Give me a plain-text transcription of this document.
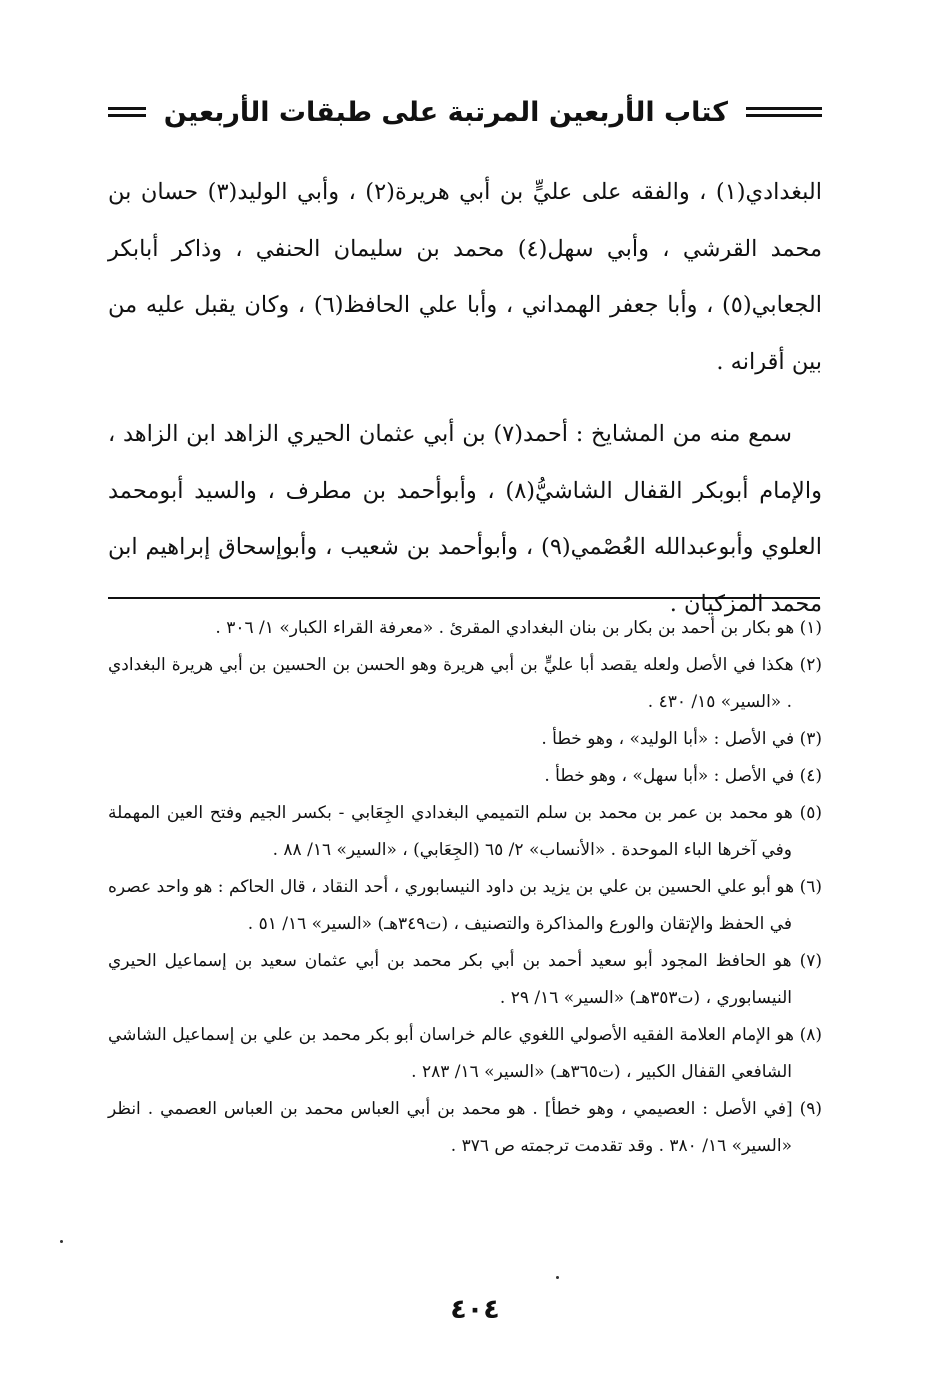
كتاب الأربعين المرتبة على طبقات الأربعين

البغدادي(١) ، والفقه على عليٍّ بن أبي هريرة(٢) ، وأبي الوليد(٣) حسان بن محمد القرشي ، وأبي سهل(٤) محمد بن سليمان الحنفي ، وذاكر أبابكر الجعابي(٥) ، وأبا جعفر الهمداني ، وأبا علي الحافظ(٦) ، وكان يقبل عليه من بين أقرانه .

سمع منه من المشايخ : أحمد(٧) بن أبي عثمان الحيري الزاهد ابن الزاهد ، والإمام أبوبكر القفال الشاشيُّ(٨) ، وأبوأحمد بن مطرف ، والسيد أبومحمد العلوي وأبوعبدالله العُصْمي(٩) ، وأبوأحمد بن شعيب ، وأبوإسحاق إبراهيم ابن محمد المزكيان .

(١) هو بكار بن أحمد بن بكار بن بنان البغدادي المقرئ . «معرفة القراء الكبار» ١/ ٣٠٦ .

(٢) هكذا في الأصل ولعله يقصد أبا عليٍّ بن أبي هريرة وهو الحسن بن الحسين بن أبي هريرة البغدادي . «السير» ١٥/ ٤٣٠ .

(٣) في الأصل : «أبا الوليد» ، وهو خطأ .

(٤) في الأصل : «أبا سهل» ، وهو خطأ .

(٥) هو محمد بن عمر بن محمد بن سلم التميمي البغدادي الجِعَابي - بكسر الجيم وفتح العين المهملة وفي آخرها الباء الموحدة . «الأنساب» ٢/ ٦٥ (الجِعَابي) ، «السير» ١٦/ ٨٨ .

(٦) هو أبو علي الحسين بن علي بن يزيد بن داود النيسابوري ، أحد النقاد ، قال الحاكم : هو واحد عصره في الحفظ والإتقان والورع والمذاكرة والتصنيف ، (ت٣٤٩هـ) «السير» ١٦/ ٥١ .

(٧) هو الحافظ المجود أبو سعيد أحمد بن أبي بكر محمد بن أبي عثمان سعيد بن إسماعيل الحيري النيسابوري ، (ت٣٥٣هـ) «السير» ١٦/ ٢٩ .

(٨) هو الإمام العلامة الفقيه الأصولي اللغوي عالم خراسان أبو بكر محمد بن علي بن إسماعيل الشاشي الشافعي القفال الكبير ، (ت٣٦٥هـ) «السير» ١٦/ ٢٨٣ .

(٩) [في الأصل : العصيمي ، وهو خطأ] . هو محمد بن أبي العباس محمد بن العباس العصمي . انظر «السير» ١٦/ ٣٨٠ . وقد تقدمت ترجمته ص ٣٧٦ .

٤٠٤
